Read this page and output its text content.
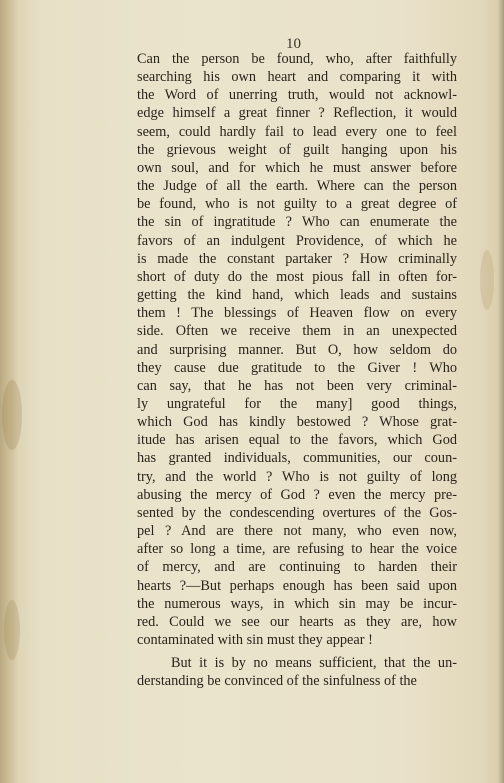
10
Can the person be found, who, after faithfully
searching his own heart and comparing it with
the Word of unerring truth, would not acknowl-
edge himself a great finner ? Reflection, it would
seem, could hardly fail to lead every one to feel
the grievous weight of guilt hanging upon his
own soul, and for which he must answer before
the Judge of all the earth. Where can the person
be found, who is not guilty to a great degree of
the sin of ingratitude ? Who can enumerate the
favors of an indulgent Providence, of which he
is made the constant partaker ? How criminally
short of duty do the most pious fall in often for-
getting the kind hand, which leads and sustains
them ! The blessings of Heaven flow on every
side. Often we receive them in an unexpected
and surprising manner. But O, how seldom do
they cause due gratitude to the Giver ! Who
can say, that he has not been very criminal-
ly ungrateful for the many] good things,
which God has kindly bestowed ? Whose grat-
itude has arisen equal to the favors, which God
has granted individuals, communities, our coun-
try, and the world ? Who is not guilty of long
abusing the mercy of God ? even the mercy pre-
sented by the condescending overtures of the Gos-
pel ? And are there not many, who even now,
after so long a time, are refusing to hear the voice
of mercy, and are continuing to harden their
hearts ?—But perhaps enough has been said upon
the numerous ways, in which sin may be incur-
red. Could we see our hearts as they are, how
contaminated with sin must they appear !
But it is by no means sufficient, that the un-
derstanding be convinced of the sinfulness of the
